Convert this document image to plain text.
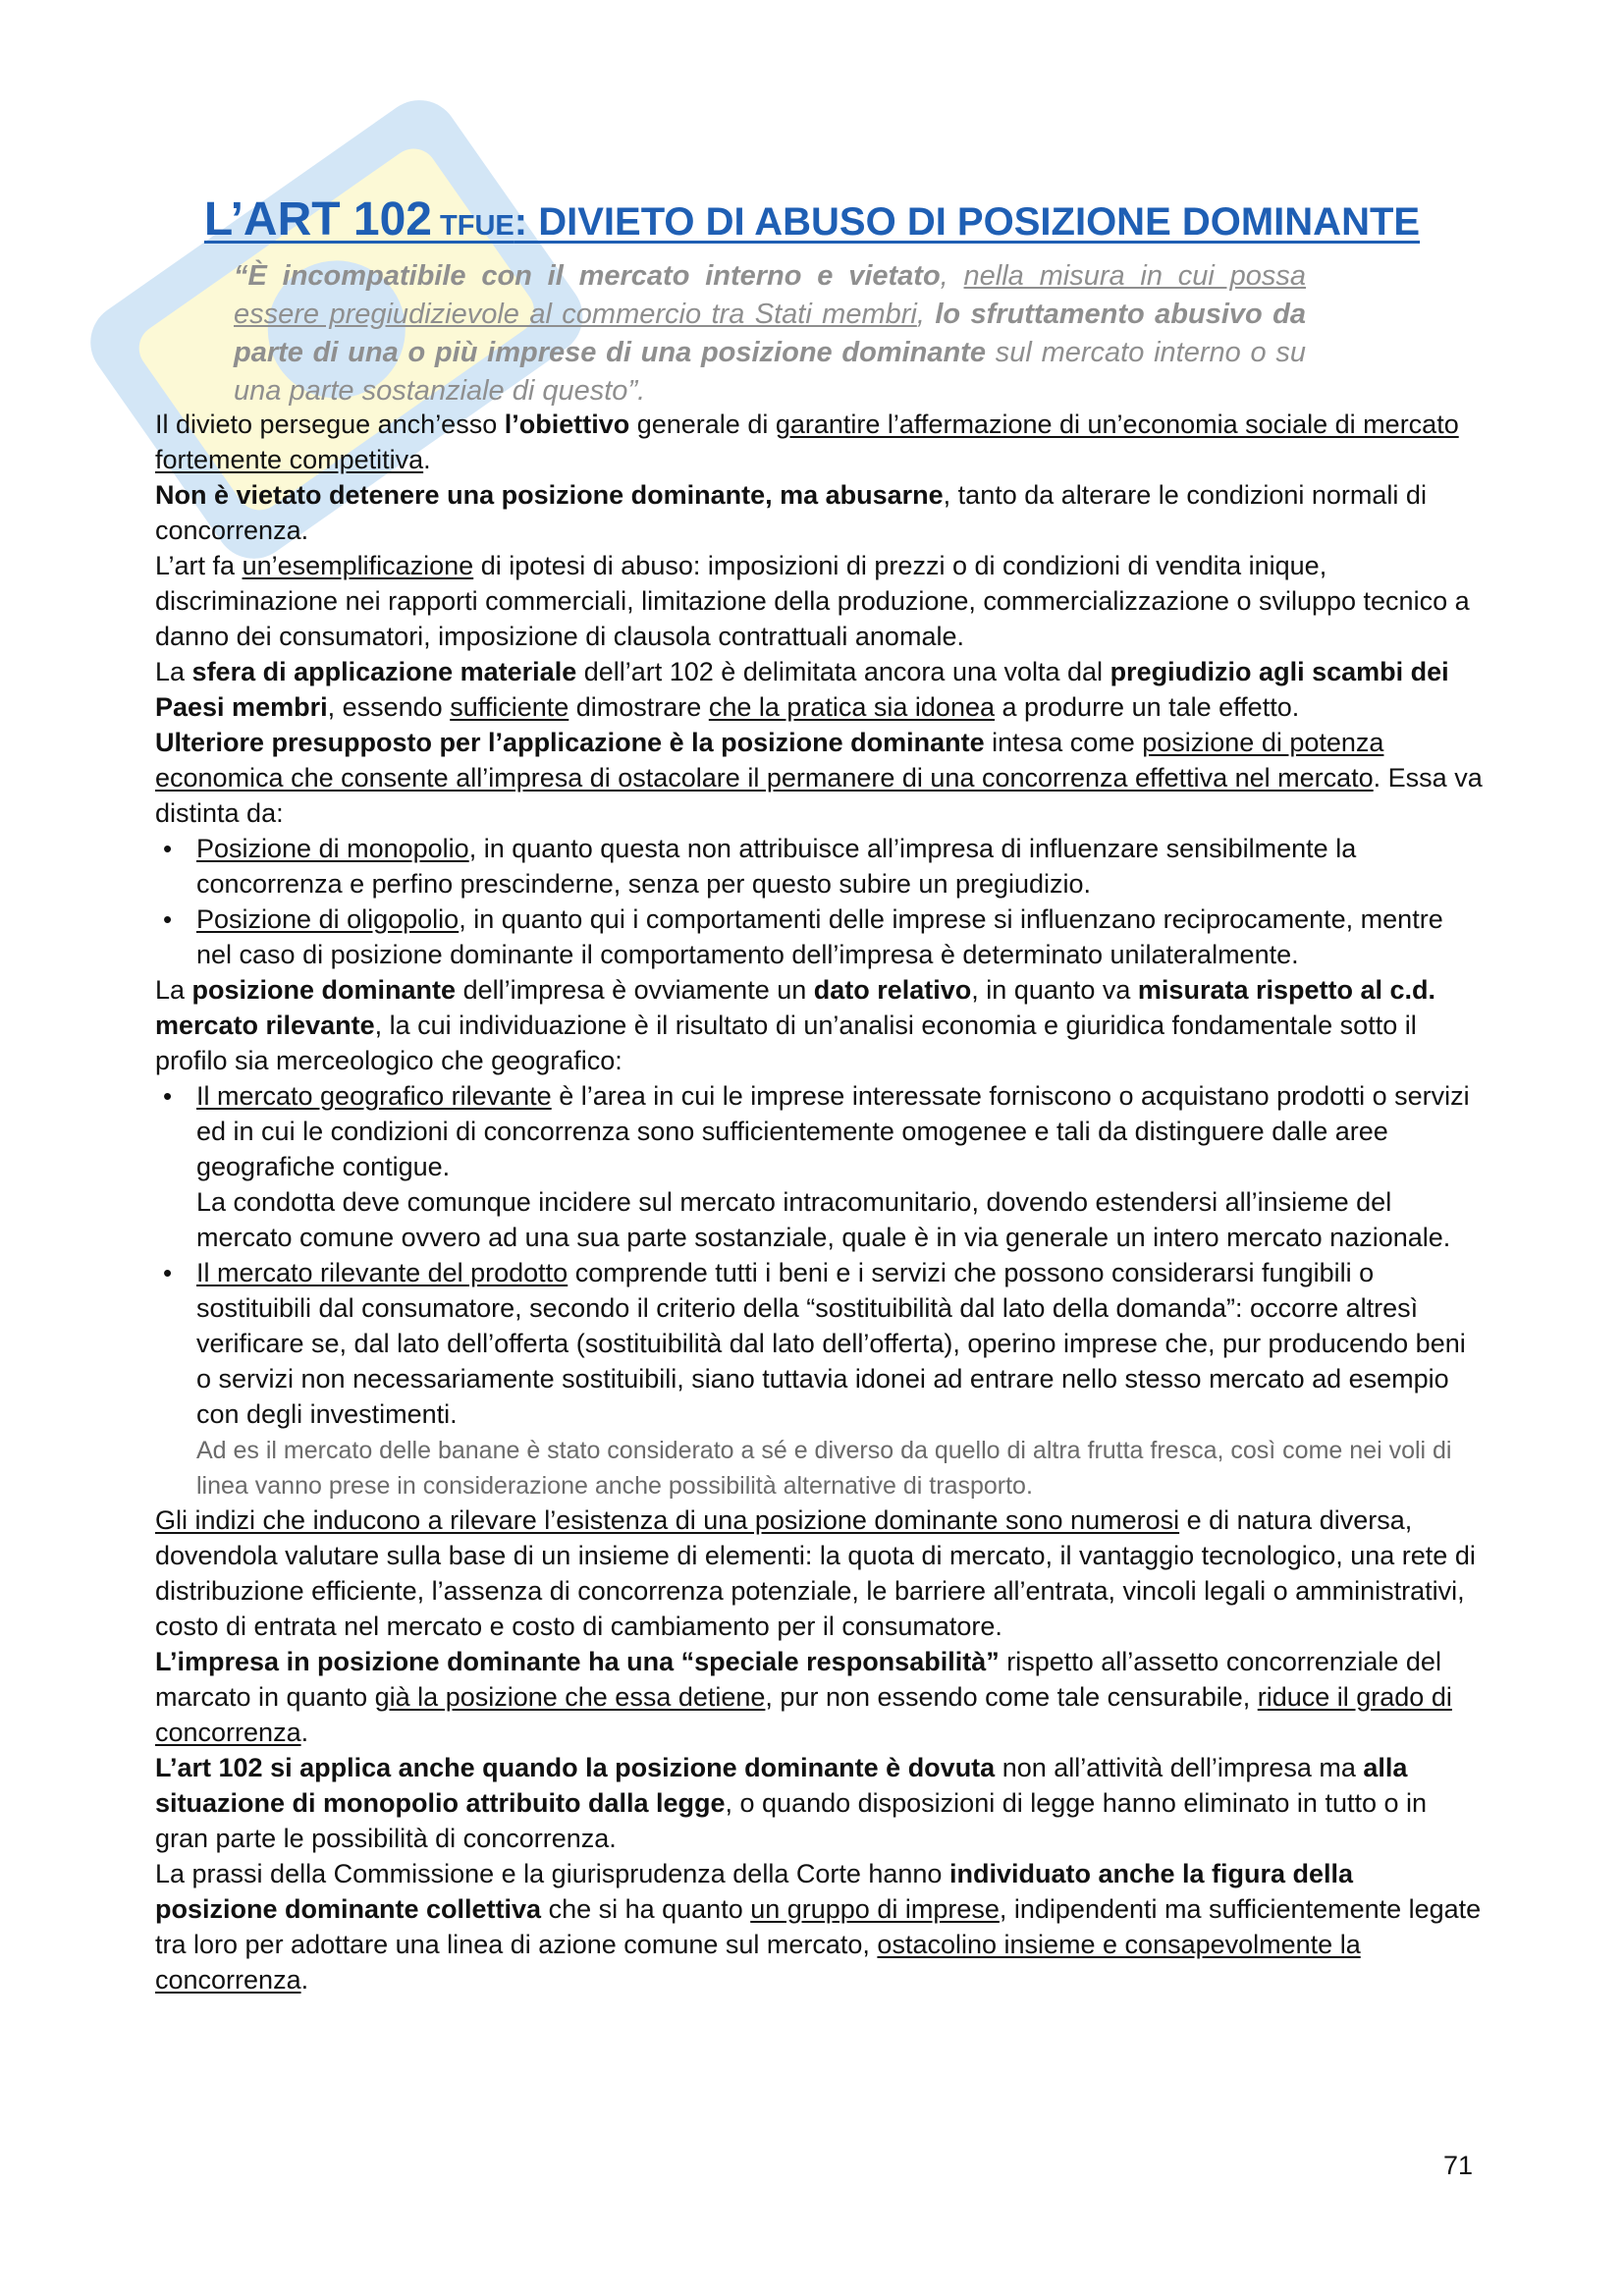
L’ART 102 TFUE: DIVIETO DI ABUSO DI POSIZIONE DOMINANTE

“È incompatibile con il mercato interno e vietato, nella misura in cui possa essere pregiudizievole al commercio tra Stati membri, lo sfruttamento abusivo da parte di una o più imprese di una posizione dominante sul mercato interno o su una parte sostanziale di questo”.

Il divieto persegue anch’esso l’obiettivo generale di garantire l’affermazione di un’economia sociale di mercato fortemente competitiva.

Non è vietato detenere una posizione dominante, ma abusarne, tanto da alterare le condizioni normali di concorrenza.

L’art fa un’esemplificazione di ipotesi di abuso: imposizioni di prezzi o di condizioni di vendita inique, discriminazione nei rapporti commerciali, limitazione della produzione, commercializzazione o sviluppo tecnico a danno dei consumatori, imposizione di clausola contrattuali anomale.

La sfera di applicazione materiale dell’art 102 è delimitata ancora una volta dal pregiudizio agli scambi dei Paesi membri, essendo sufficiente dimostrare che la pratica sia idonea a produrre un tale effetto.

Ulteriore presupposto per l’applicazione è la posizione dominante intesa come posizione di potenza economica che consente all’impresa di ostacolare il permanere di una concorrenza effettiva nel mercato. Essa va distinta da:

• Posizione di monopolio, in quanto questa non attribuisce all’impresa di influenzare sensibilmente la concorrenza e perfino prescinderne, senza per questo subire un pregiudizio.
• Posizione di oligopolio, in quanto qui i comportamenti delle imprese si influenzano reciprocamente, mentre nel caso di posizione dominante il comportamento dell’impresa è determinato unilateralmente.

La posizione dominante dell’impresa è ovviamente un dato relativo, in quanto va misurata rispetto al c.d. mercato rilevante, la cui individuazione è il risultato di un’analisi economia e giuridica fondamentale sotto il profilo sia merceologico che geografico:

• Il mercato geografico rilevante è l’area in cui le imprese interessate forniscono o acquistano prodotti o servizi ed in cui le condizioni di concorrenza sono sufficientemente omogenee e tali da distinguere dalle aree geografiche contigue.
La condotta deve comunque incidere sul mercato intracomunitario, dovendo estendersi all’insieme del mercato comune ovvero ad una sua parte sostanziale, quale è in via generale un intero mercato nazionale.
• Il mercato rilevante del prodotto comprende tutti i beni e i servizi che possono considerarsi fungibili o sostituibili dal consumatore, secondo il criterio della “sostituibilità dal lato della domanda”: occorre altresì verificare se, dal lato dell’offerta (sostituibilità dal lato dell’offerta), operino imprese che, pur producendo beni o servizi non necessariamente sostituibili, siano tuttavia idonei ad entrare nello stesso mercato ad esempio con degli investimenti.
Ad es il mercato delle banane è stato considerato a sé e diverso da quello di altra frutta fresca, così come nei voli di linea vanno prese in considerazione anche possibilità alternative di trasporto.

Gli indizi che inducono a rilevare l’esistenza di una posizione dominante sono numerosi e di natura diversa, dovendola valutare sulla base di un insieme di elementi: la quota di mercato, il vantaggio tecnologico, una rete di distribuzione efficiente, l’assenza di concorrenza potenziale, le barriere all’entrata, vincoli legali o amministrativi, costo di entrata nel mercato e costo di cambiamento per il consumatore.

L’impresa in posizione dominante ha una “speciale responsabilità” rispetto all’assetto concorrenziale del marcato in quanto già la posizione che essa detiene, pur non essendo come tale censurabile, riduce il grado di concorrenza.

L’art 102 si applica anche quando la posizione dominante è dovuta non all’attività dell’impresa ma alla situazione di monopolio attribuito dalla legge, o quando disposizioni di legge hanno eliminato in tutto o in gran parte le possibilità di concorrenza.

La prassi della Commissione e la giurisprudenza della Corte hanno individuato anche la figura della posizione dominante collettiva che si ha quanto un gruppo di imprese, indipendenti ma sufficientemente legate tra loro per adottare una linea di azione comune sul mercato, ostacolino insieme e consapevolmente la concorrenza.

71
